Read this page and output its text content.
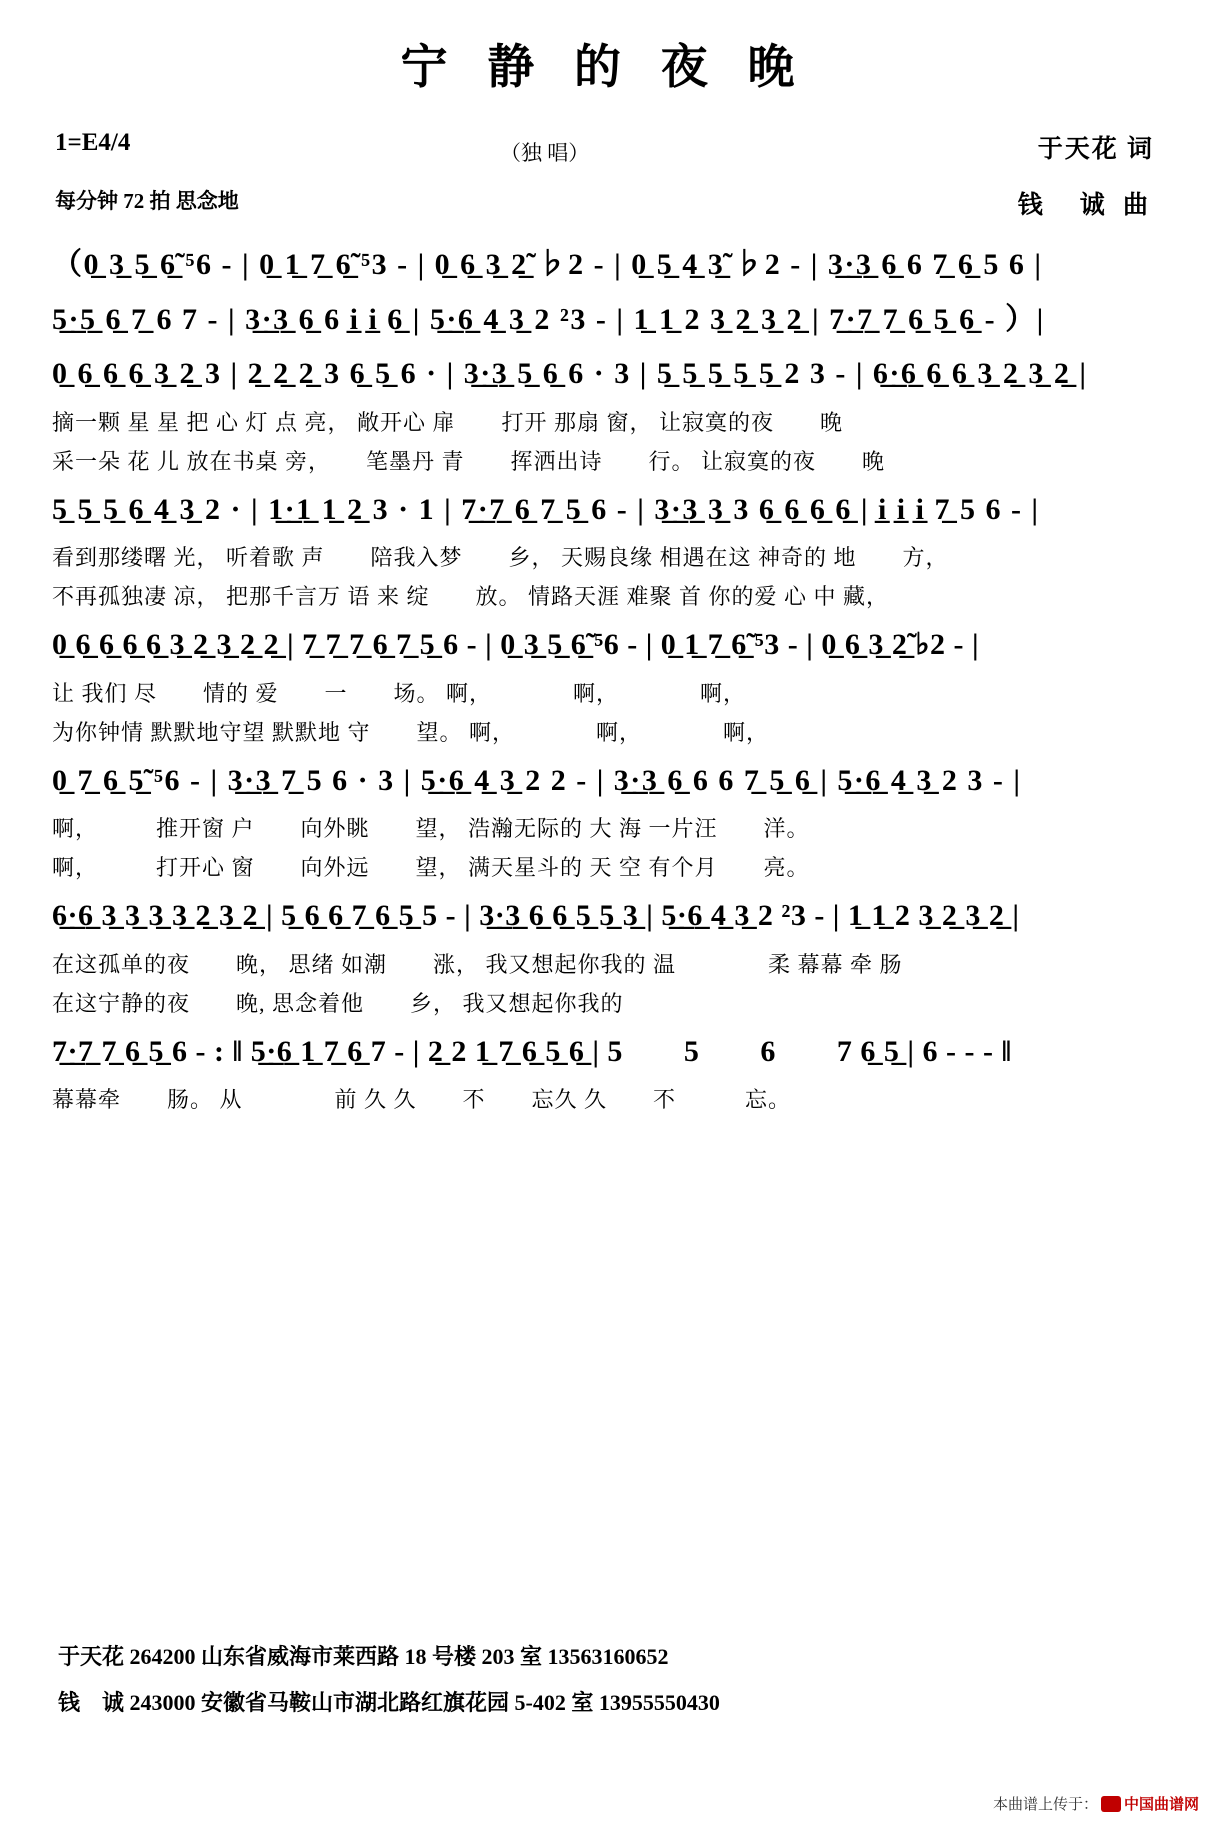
宁 静 的 夜 晚
1=E4/4	（独 唱）	于天花 词
每分钟 72 拍 思念地	钱　诚 曲
（0̲ 3̲ 5̲ 6̲̃ ⁵6 - | 0̲ 1̲ 7̲ 6̲̃ ⁵3 - | 0̲ 6̲ 3̲ 2̲̃ ♭2 - | 0̲ 5̲ 4̲ 3̲̃ ♭2 - | 3̲·̲3̲ 6̲ 6 7̲ 6̲ 5 6 |
5̲·̲5̲ 6̲ 7̲ 6 7 - | 3̲·̲3̲ 6̲ 6 i̲ i̲ 6̲ | 5̲·̲6̲ 4̲ 3̲ 2 ²3 - | 1̲ 1̲ 2 3̲ 2̲ 3̲ 2̲ | 7̲·̲7̲ 7̲ 6̲ 5̲ 6̲ - ）|
0̲ 6̲ 6̲ 6̲ 3̲ 2̲ 3 | 2̲ 2̲ 2̲ 3 6̲ 5̲ 6 · | 3̲·̲3̲ 5̲ 6̲ 6 · 3 | 5̲ 5̲ 5̲ 5̲ 5̲ 2 3 - | 6̲·̲6̲ 6̲ 6̲ 3̲ 2̲ 3̲ 2̲ |
摘一颗 星 星 把 心 灯 点 亮， 敞开心 扉　　打开 那扇 窗， 让寂寞的夜　　晚
采一朵 花 儿 放在书桌 旁，　　笔墨丹 青　　挥洒出诗　　行。 让寂寞的夜　　晚
5̲ 5̲ 5̲ 6̲ 4̲ 3̲ 2 · | 1̲·̲1̲ 1̲ 2̲ 3 · 1 | 7̲·̲7̲ 6̲ 7̲ 5̲ 6 - | 3̲·̲3̲ 3̲ 3 6̲ 6̲ 6̲ 6̲ | i̲ i̲ i̲ 7̲ 5 6 - |
看到那缕曙 光， 听着歌 声　　陪我入梦　　乡， 天赐良缘 相遇在这 神奇的 地　　方，
不再孤独凄 凉， 把那千言万 语 来 绽　　放。 情路天涯 难聚 首 你的爱 心 中 藏，
0̲ 6̲ 6̲ 6̲ 6̲ 3̲ 2̲ 3̲ 2̲ 2̲ | 7̲ 7̲ 7̲ 6̲ 7̲ 5̲ 6 - | 0̲ 3̲ 5̲ 6̲̃ ⁵6 - | 0̲ 1̲ 7̲ 6̲̃ ⁵3 - | 0̲ 6̲ 3̲ 2̲̃ ♭2 - |
让 我们 尽　　情的 爱　　一　　场。 啊，　　　　啊，　　　　啊，
为你钟情 默默地守望 默默地 守　　望。 啊，　　　　啊，　　　　啊，
0̲ 7̲ 6̲ 5̲̃ ⁵6 - | 3̲·̲3̲ 7̲ 5 6 · 3 | 5̲·̲6̲ 4̲ 3̲ 2 2 - | 3̲·̲3̲ 6̲ 6 6 7̲ 5̲ 6̲ | 5̲·̲6̲ 4̲ 3̲ 2 3 - |
啊，　　　推开窗 户　　向外眺　　望， 浩瀚无际的 大 海 一片汪　　洋。
啊，　　　打开心 窗　　向外远　　望， 满天星斗的 天 空 有个月　　亮。
6̲·̲6̲ 3̲ 3̲ 3̲ 3̲ 2̲ 3̲ 2̲ | 5̲ 6̲ 6̲ 7̲ 6̲ 5̲ 5 - | 3̲·̲3̲ 6̲ 6̲ 5̲ 5̲ 3̲ | 5̲·̲6̲ 4̲ 3̲ 2 ²3 - | 1̲ 1̲ 2 3̲ 2̲ 3̲ 2̲ |
在这孤单的夜　　晚， 思绪 如潮　　涨， 我又想起你我的 温　　　　柔 幕幕 牵 肠
在这宁静的夜　　晚, 思念着他　　乡， 我又想起你我的
7̲·̲7̲ 7̲ 6̲ 5̲ 6 - : ‖ 5̲·̲6̲ 1̲ 7̲ 6̲ 7 - | 2̲ 2 1̲ 7̲ 6̲ 5̲ 6̲ | 5　　5　　6　　7 6̲ 5̲ | 6 - - - ‖
幕幕牵　　肠。 从　　　　前 久 久　　不　　忘久 久　　不　　　忘。
于天花 264200 山东省威海市莱西路 18 号楼 203 室 13563160652
钱　诚 243000 安徽省马鞍山市湖北路红旗花园 5-402 室 13955550430
本曲谱上传于： 中国曲谱网
